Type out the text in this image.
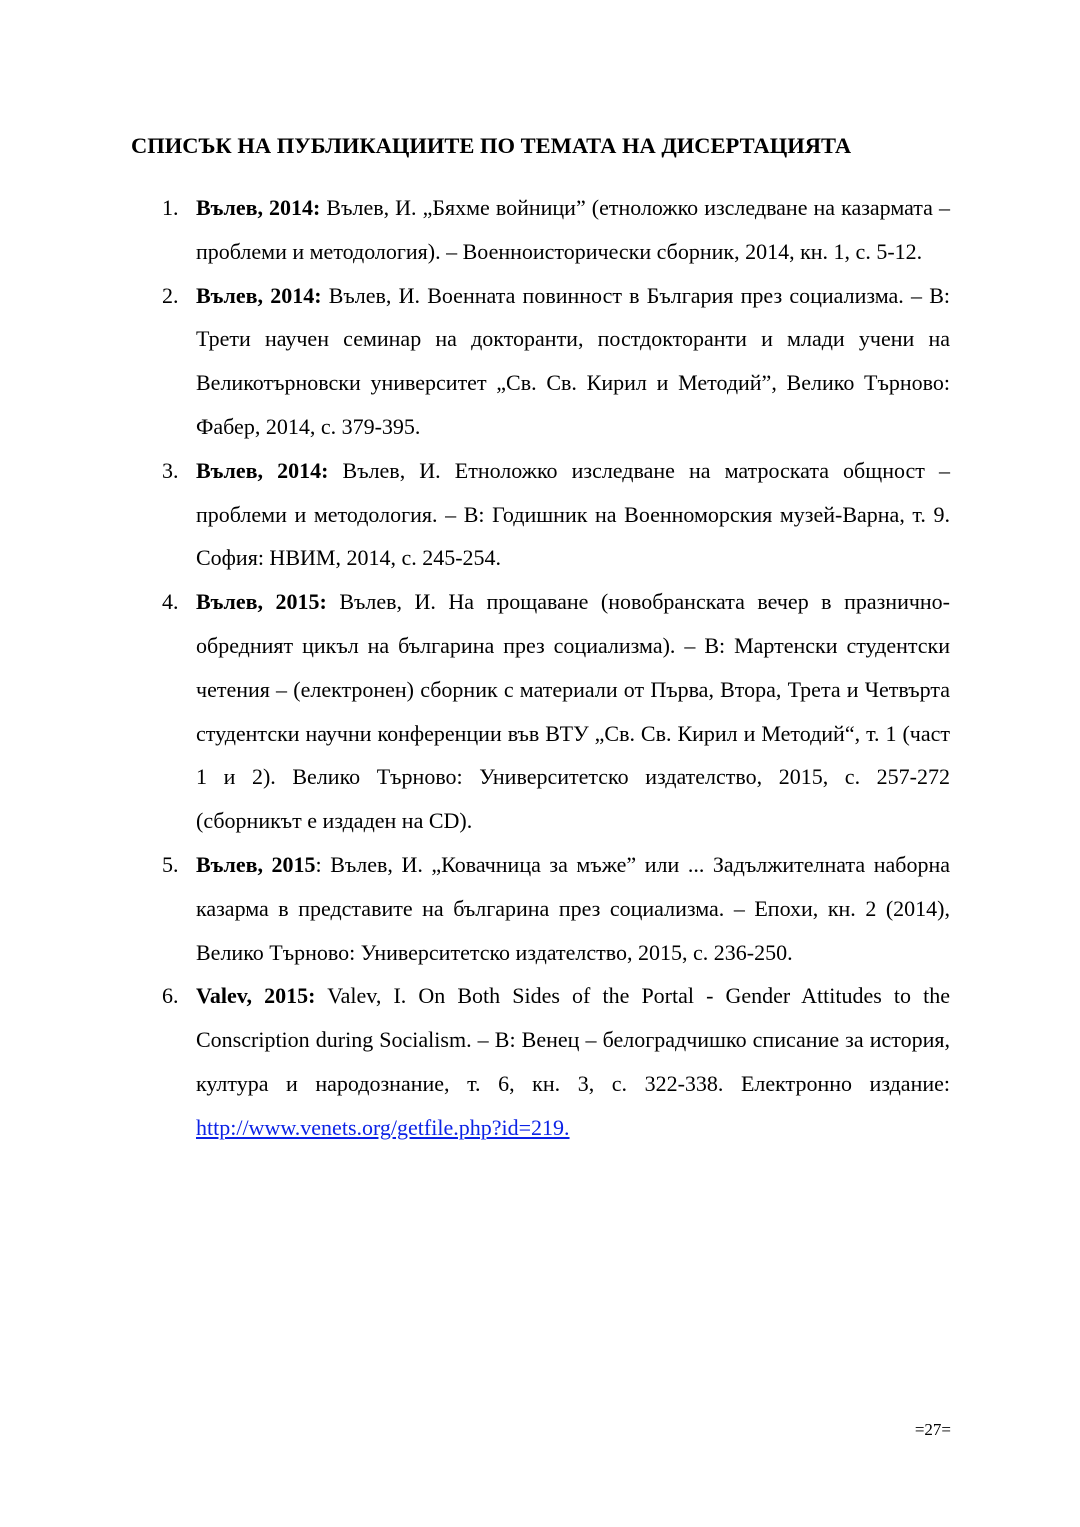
СПИСЪК НА ПУБЛИКАЦИИТЕ ПО ТЕМАТА НА ДИСЕРТАЦИЯТА
1. Вълев, 2014: Вълев, И. „Бяхме войници” (етноложко изследване на казармата – проблеми и методология). – Военноисторически сборник, 2014, кн. 1, с. 5-12.
2. Вълев, 2014: Вълев, И. Военната повинност в България през социализма. – В: Трети научен семинар на докторанти, постдокторанти и млади учени на Великотърновски университет „Св. Св. Кирил и Методий”, Велико Търново: Фабер, 2014, с. 379-395.
3. Вълев, 2014: Вълев, И. Етноложко изследване на матроската общност – проблеми и методология. – В: Годишник на Военноморския музей-Варна, т. 9. София: НВИМ, 2014, с. 245-254.
4. Вълев, 2015: Вълев, И. На прощаване (новобранската вечер в празнично-обредният цикъл на българина през социализма). – В: Мартенски студентски четения – (електронен) сборник с материали от Първа, Втора, Трета и Четвърта студентски научни конференции във ВТУ „Св. Св. Кирил и Методий“, т. 1 (част 1 и 2). Велико Търново: Университетско издателство, 2015, с. 257-272 (сборникът е издаден на CD).
5. Вълев, 2015: Вълев, И. „Ковачница за мъже” или ... Задължителната наборна казарма в представите на българина през социализма. – Епохи, кн. 2 (2014), Велико Търново: Университетско издателство, 2015, с. 236-250.
6. Valev, 2015: Valev, I. On Both Sides of the Portal - Gender Attitudes to the Conscription during Socialism. – В: Венец – белоградчишко списание за история, култура и народознание, т. 6, кн. 3, с. 322-338. Електронно издание: http://www.venets.org/getfile.php?id=219.
=27=
